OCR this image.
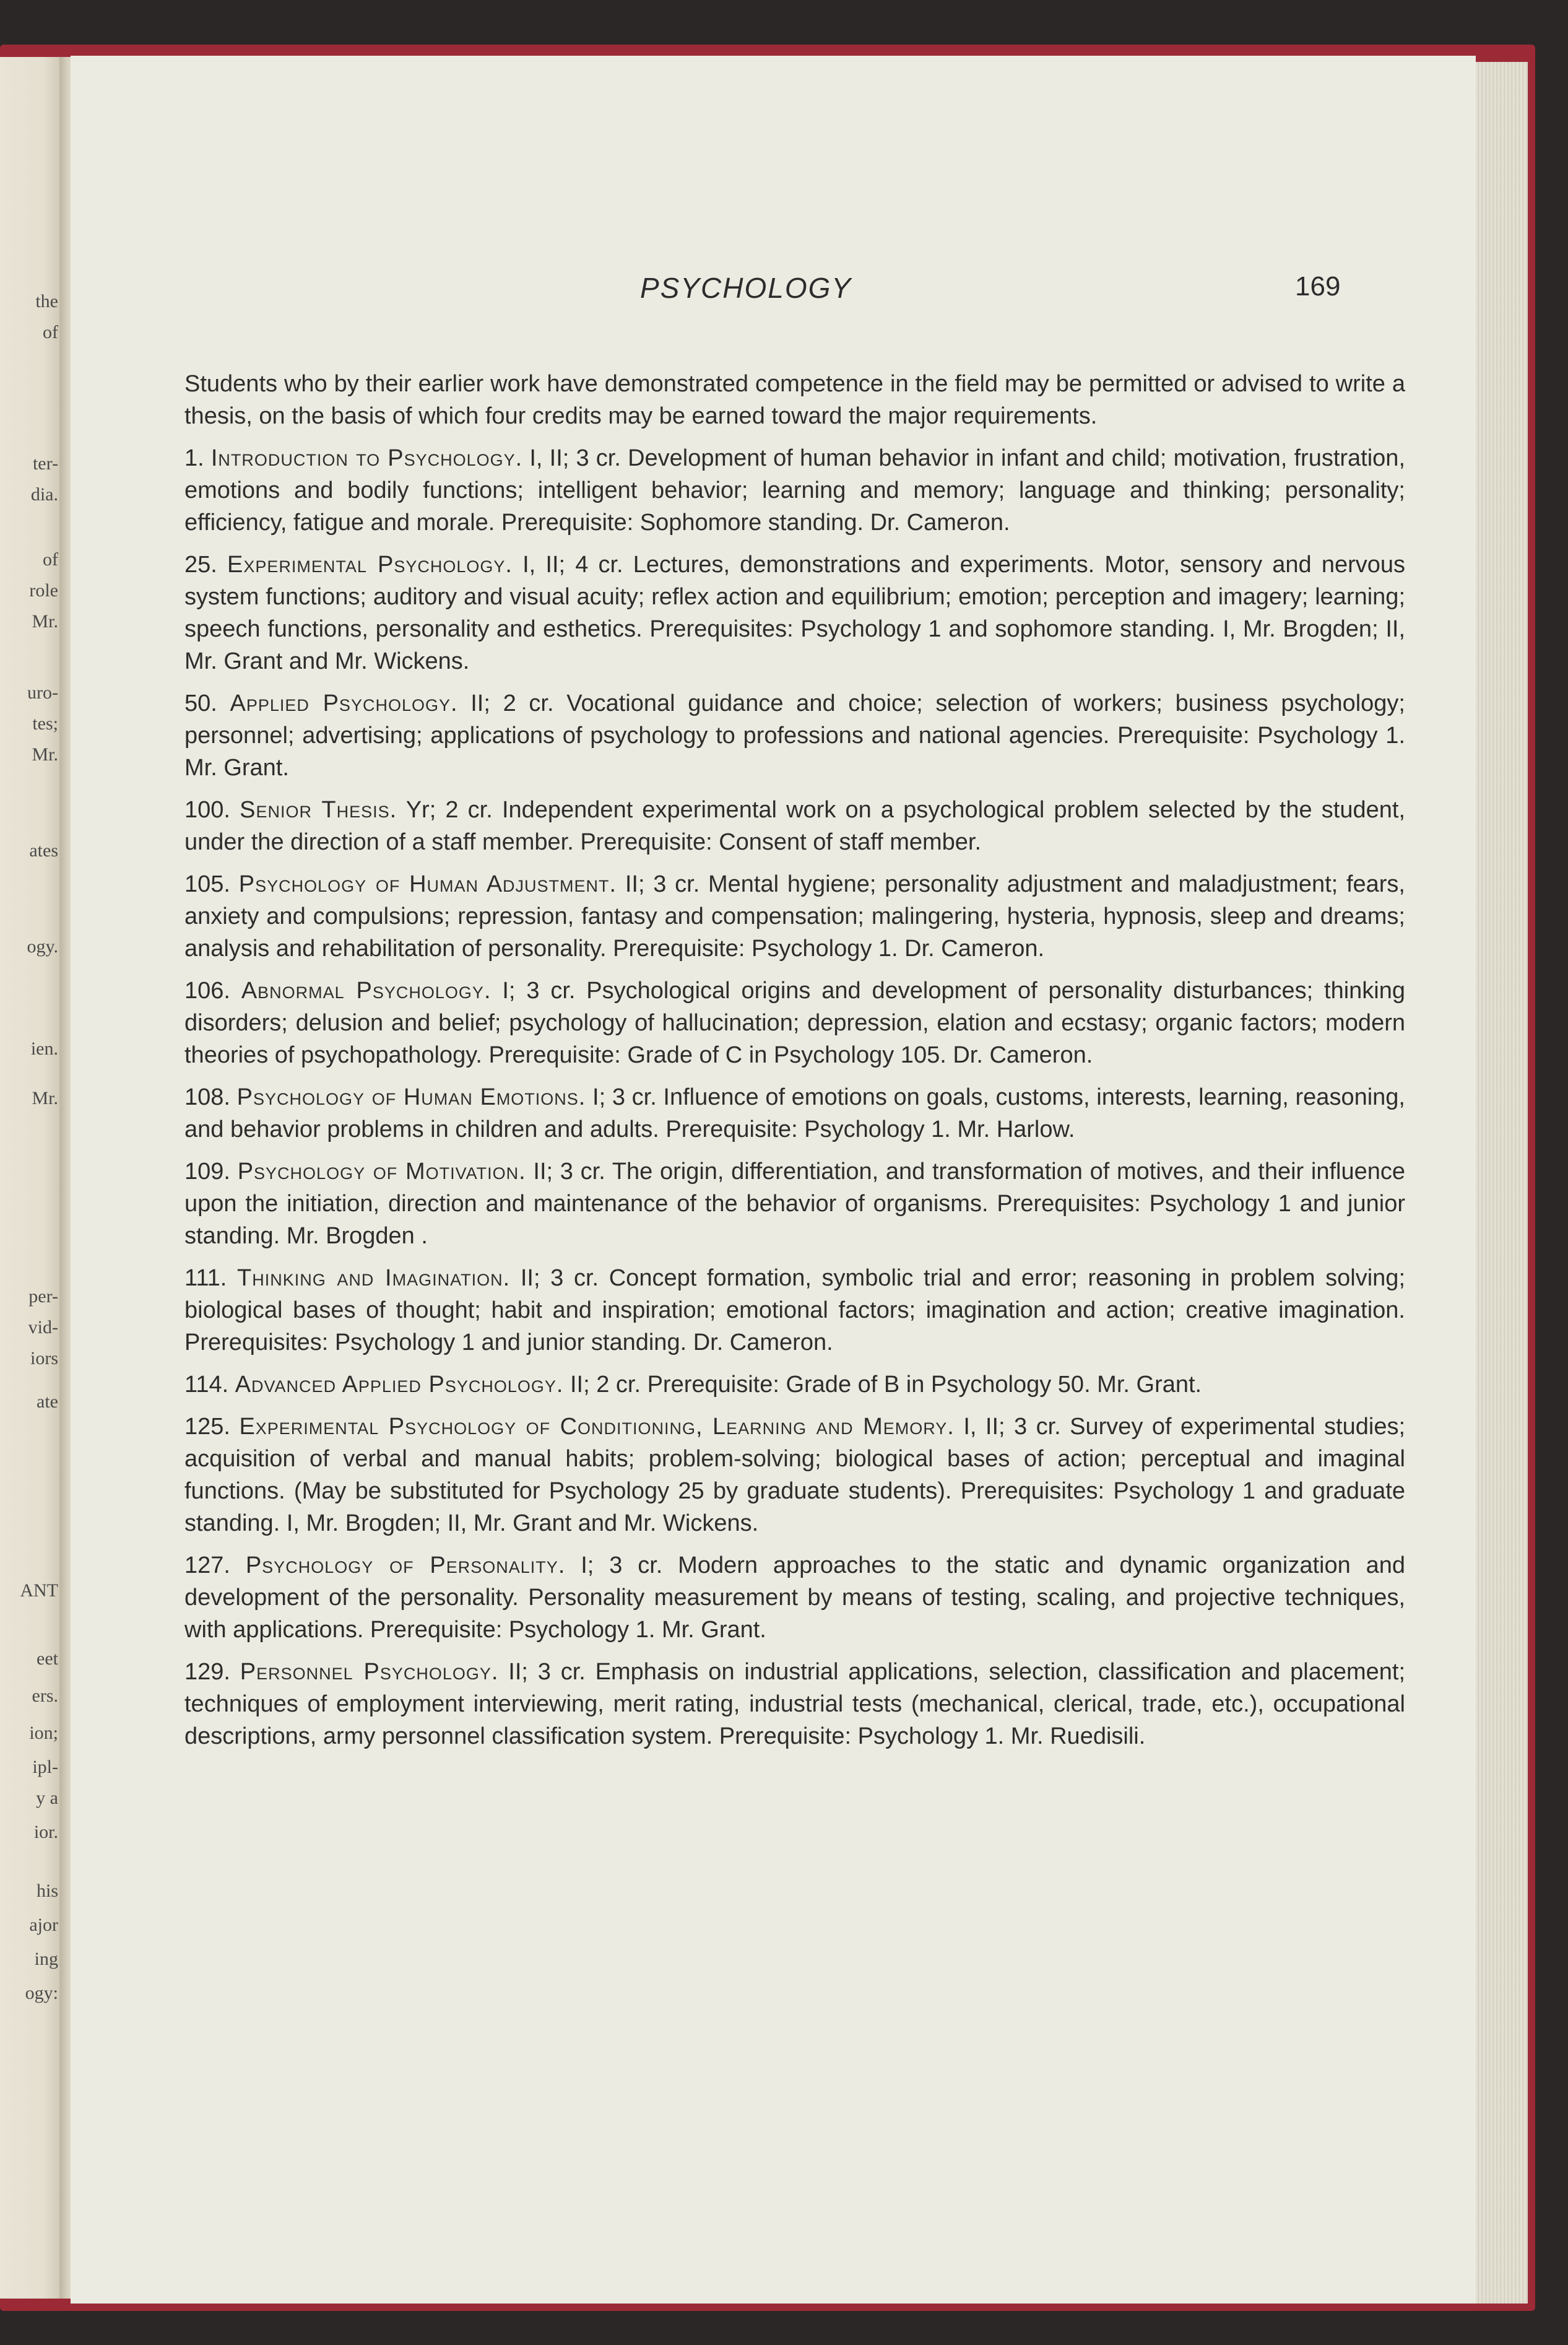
the
of
ter-
dia.
of
role
Mr.
uro-
tes;
Mr.
ates
ogy.
ien.
Mr.
per-
vid-
iors
ate
ANT
eet
ers.
ion;
ipl-
y a
ior.
his
ajor
ing
ogy:
PSYCHOLOGY	169

Students who by their earlier work have demonstrated competence in the field may be permitted or advised to write a thesis, on the basis of which four credits may be earned toward the major requirements.

1. Introduction to Psychology. I, II; 3 cr. Development of human behavior in infant and child; motivation, frustration, emotions and bodily functions; intelligent behavior; learning and memory; language and thinking; personality; efficiency, fatigue and morale. Prerequisite: Sophomore standing. Dr. Cameron.

25. Experimental Psychology. I, II; 4 cr. Lectures, demonstrations and experiments. Motor, sensory and nervous system functions; auditory and visual acuity; reflex action and equilibrium; emotion; perception and imagery; learning; speech functions, personality and esthetics. Prerequisites: Psychology 1 and sophomore standing. I, Mr. Brogden; II, Mr. Grant and Mr. Wickens.

50. Applied Psychology. II; 2 cr. Vocational guidance and choice; selection of workers; business psychology; personnel; advertising; applications of psychology to professions and national agencies. Prerequisite: Psychology 1. Mr. Grant.

100. Senior Thesis. Yr; 2 cr. Independent experimental work on a psychological problem selected by the student, under the direction of a staff member. Prerequisite: Consent of staff member.

105. Psychology of Human Adjustment. II; 3 cr. Mental hygiene; personality adjustment and maladjustment; fears, anxiety and compulsions; repression, fantasy and compensation; malingering, hysteria, hypnosis, sleep and dreams; analysis and rehabilitation of personality. Prerequisite: Psychology 1. Dr. Cameron.

106. Abnormal Psychology. I; 3 cr. Psychological origins and development of personality disturbances; thinking disorders; delusion and belief; psychology of hallucination; depression, elation and ecstasy; organic factors; modern theories of psychopathology. Prerequisite: Grade of C in Psychology 105. Dr. Cameron.

108. Psychology of Human Emotions. I; 3 cr. Influence of emotions on goals, customs, interests, learning, reasoning, and behavior problems in children and adults. Prerequisite: Psychology 1. Mr. Harlow.

109. Psychology of Motivation. II; 3 cr. The origin, differentiation, and transformation of motives, and their influence upon the initiation, direction and maintenance of the behavior of organisms. Prerequisites: Psychology 1 and junior standing. Mr. Brogden .

111. Thinking and Imagination. II; 3 cr. Concept formation, symbolic trial and error; reasoning in problem solving; biological bases of thought; habit and inspiration; emotional factors; imagination and action; creative imagination. Prerequisites: Psychology 1 and junior standing. Dr. Cameron.

114. Advanced Applied Psychology. II; 2 cr. Prerequisite: Grade of B in Psychology 50. Mr. Grant.

125. Experimental Psychology of Conditioning, Learning and Memory. I, II; 3 cr. Survey of experimental studies; acquisition of verbal and manual habits; problem-solving; biological bases of action; perceptual and imaginal functions. (May be substituted for Psychology 25 by graduate students). Prerequisites: Psychology 1 and graduate standing. I, Mr. Brogden; II, Mr. Grant and Mr. Wickens.

127. Psychology of Personality. I; 3 cr. Modern approaches to the static and dynamic organization and development of the personality. Personality measurement by means of testing, scaling, and projective techniques, with applications. Prerequisite: Psychology 1. Mr. Grant.

129. Personnel Psychology. II; 3 cr. Emphasis on industrial applications, selection, classification and placement; techniques of employment interviewing, merit rating, industrial tests (mechanical, clerical, trade, etc.), occupational descriptions, army personnel classification system. Prerequisite: Psychology 1. Mr. Ruedisili.
